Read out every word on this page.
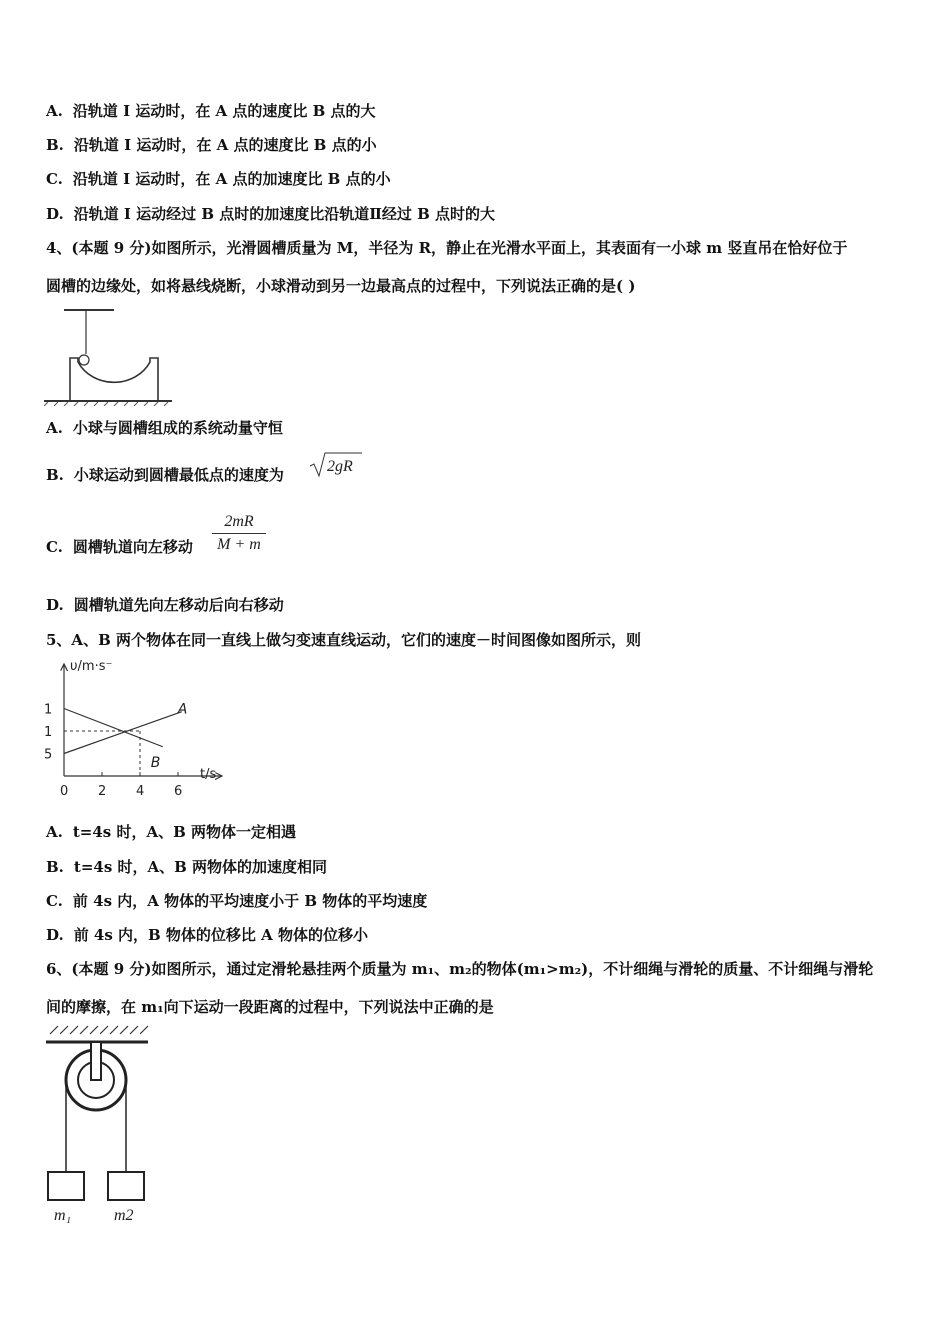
A. 沿轨道 I 运动时，在 A 点的速度比 B 点的大
B. 沿轨道 I 运动时，在 A 点的速度比 B 点的小
C. 沿轨道 I 运动时，在 A 点的加速度比 B 点的小
D. 沿轨道 I 运动经过 B 点时的加速度比沿轨道Ⅱ经过 B 点时的大
4、(本题 9 分)如图所示，光滑圆槽质量为 M，半径为 R，静止在光滑水平面上，其表面有一小球 m 竖直吊在恰好位于
圆槽的边缘处，如将悬线烧断，小球滑动到另一边最高点的过程中，下列说法正确的是( )
A. 小球与圆槽组成的系统动量守恒
B. 小球运动到圆槽最低点的速度为	2gR
C. 圆槽轨道向左移动
2mR
M + m
D. 圆槽轨道先向左移动后向右移动
5、A、B 两个物体在同一直线上做匀变速直线运动，它们的速度－时间图像如图所示，则
υ/m·s⁻
t/s
A
B
0 2 4 6
5
1
1
A. t=4s 时，A、B 两物体一定相遇
B. t=4s 时，A、B 两物体的加速度相同
C. 前 4s 内，A 物体的平均速度小于 B 物体的平均速度
D. 前 4s 内，B 物体的位移比 A 物体的位移小
6、(本题 9 分)如图所示，通过定滑轮悬挂两个质量为 m₁、m₂的物体(m₁>m₂)，不计细绳与滑轮的质量、不计细绳与滑轮
间的摩擦，在 m₁向下运动一段距离的过程中，下列说法中正确的是
m₁	m2
